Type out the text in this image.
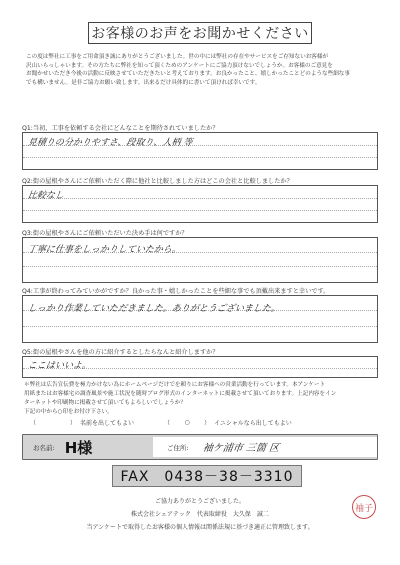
お客様のお声をお聞かせください

この度は弊社に工事をご用命頂き誠にありがとうございました。世の中には弊社の存在やサービスをご存知ないお客様が

沢山いらっしゃいます。その方たちに弊社を知って頂くためのアンケートにご協力頂けないでしょうか。お客様のご意見を

お聞かせいただき今後の活動に反映させていただきたいと考えております。お良かったこと、嬉しかったことどのような些細な事

でも構いません。是非ご協力お願い致します。出来るだけ具体的に書いて頂ければ幸いです。

Q1:当初、工事を依頼する会社にどんなことを期待されていましたか？
見積りの分かりやすさ、段取り、人柄 等
Q2:街の屋根やさんにご依頼いただく際に他社と比較しました方はどこの会社と比較しましたか？
比較なし
Q3:街の屋根やさんにご依頼いただいた決め手は何ですか？
丁寧に仕事をしっかりしていたから。
Q4:工事が終わってみていかがですか？良かった事・嬉しかったことを些細な事でも頂戴出来ますと幸いです。
しっかり作業していただきました。ありがとうございました。
Q5:街の屋根やさんを他の方に紹介するとしたらなんと紹介しますか？
ここはいいよ。

＊弊社は広告宣伝費を極力かけない為にホームページだけでを頼りにお客様への営業活動を行っています。本アンケート

用紙またはお客様宅の調査風景や施工状況を随時ブログ形式のインターネットに掲載させて頂いております。上記内容をイン

ターネットや印刷物に掲載させて頂いてもよろしいでしょうか？

下記の中から○印をお付け下さい。

（	） 名前を出してもよい	（	○	） イニシャルなら出してもよい
お名前: H様	ご住所: 袖ケ浦市 三箇 区
FAX　0438－38－3310
袖子
ご協力ありがとうございました。
株式会社シェアテック　代表取締役　大久保　誠二
当アンケートで取得したお客様の個人情報は関係法規に基づき適正に管理致します。
